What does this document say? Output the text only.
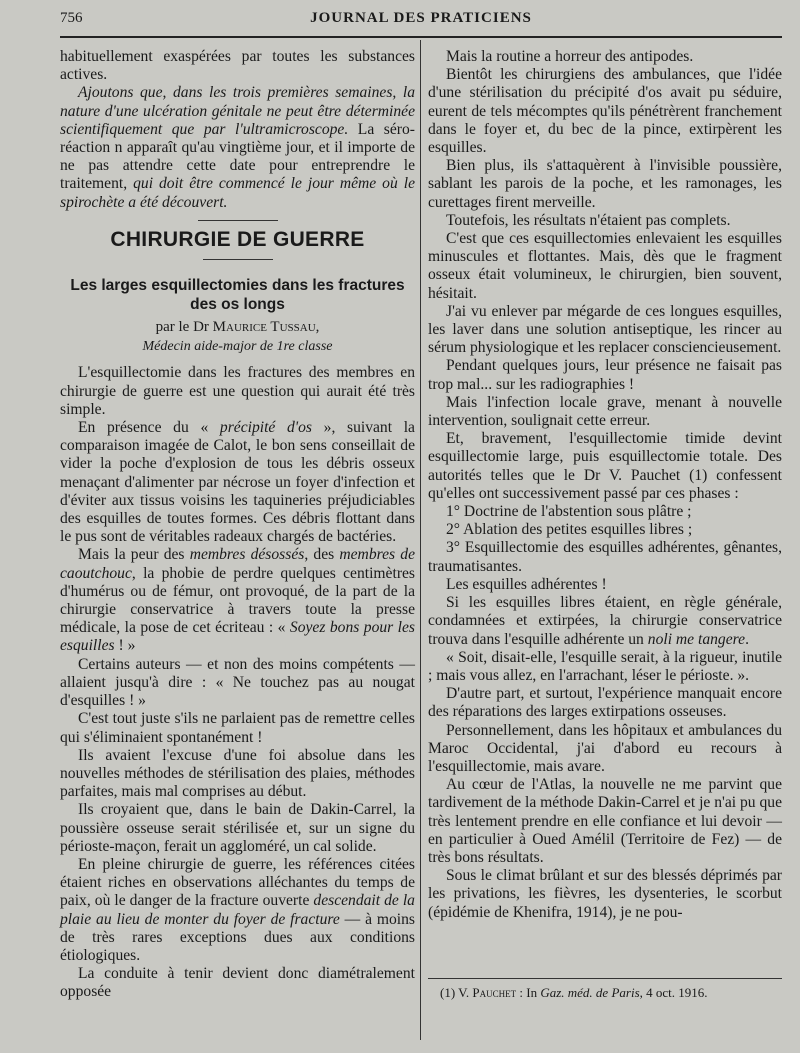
756	JOURNAL DES PRATICIENS

habituellement exaspérées par toutes les substances actives.

Ajoutons que, dans les trois premières semaines, la nature d'une ulcération génitale ne peut être déterminée scientifiquement que par l'ultramicroscope. La séro-réaction n apparaît qu'au vingtième jour, et il importe de ne pas attendre cette date pour entreprendre le traitement, qui doit être commencé le jour même où le spirochète a été découvert.

CHIRURGIE DE GUERRE
Les larges esquillectomies dans les fractures des os longs
par le Dr Maurice Tussau,
Médecin aide-major de 1re classe

L'esquillectomie dans les fractures des membres en chirurgie de guerre est une question qui aurait été très simple.

En présence du « précipité d'os », suivant la comparaison imagée de Calot, le bon sens conseillait de vider la poche d'explosion de tous les débris osseux menaçant d'alimenter par nécrose un foyer d'infection et d'éviter aux tissus voisins les taquineries préjudiciables des esquilles de toutes formes. Ces débris flottant dans le pus sont de véritables radeaux chargés de bactéries.

Mais la peur des membres désossés, des membres de caoutchouc, la phobie de perdre quelques centimètres d'humérus ou de fémur, ont provoqué, de la part de la chirurgie conservatrice à travers toute la presse médicale, la pose de cet écriteau : « Soyez bons pour les esquilles ! »

Certains auteurs — et non des moins compétents — allaient jusqu'à dire : « Ne touchez pas au nougat d'esquilles ! »

C'est tout juste s'ils ne parlaient pas de remettre celles qui s'éliminaient spontanément !

Ils avaient l'excuse d'une foi absolue dans les nouvelles méthodes de stérilisation des plaies, méthodes parfaites, mais mal comprises au début.

Ils croyaient que, dans le bain de Dakin-Carrel, la poussière osseuse serait stérilisée et, sur un signe du périoste-maçon, ferait un aggloméré, un cal solide.

En pleine chirurgie de guerre, les références citées étaient riches en observations alléchantes du temps de paix, où le danger de la fracture ouverte descendait de la plaie au lieu de monter du foyer de fracture — à moins de très rares exceptions dues aux conditions étiologiques.

La conduite à tenir devient donc diamétralement opposée

Mais la routine a horreur des antipodes.

Bientôt les chirurgiens des ambulances, que l'idée d'une stérilisation du précipité d'os avait pu séduire, eurent de tels mécomptes qu'ils pénétrèrent franchement dans le foyer et, du bec de la pince, extirpèrent les esquilles.

Bien plus, ils s'attaquèrent à l'invisible poussière, sablant les parois de la poche, et les ramonages, les curettages firent merveille.

Toutefois, les résultats n'étaient pas complets.

C'est que ces esquillectomies enlevaient les esquilles minuscules et flottantes. Mais, dès que le fragment osseux était volumineux, le chirurgien, bien souvent, hésitait.

J'ai vu enlever par mégarde de ces longues esquilles, les laver dans une solution antiseptique, les rincer au sérum physiologique et les replacer consciencieusement.

Pendant quelques jours, leur présence ne faisait pas trop mal... sur les radiographies !

Mais l'infection locale grave, menant à nouvelle intervention, soulignait cette erreur.

Et, bravement, l'esquillectomie timide devint esquillectomie large, puis esquillectomie totale. Des autorités telles que le Dr V. Pauchet (1) confessent qu'elles ont successivement passé par ces phases :

1° Doctrine de l'abstention sous plâtre ;

2° Ablation des petites esquilles libres ;

3° Esquillectomie des esquilles adhérentes, gênantes, traumatisantes.

Les esquilles adhérentes !

Si les esquilles libres étaient, en règle générale, condamnées et extirpées, la chirurgie conservatrice trouva dans l'esquille adhérente un noli me tangere.

« Soit, disait-elle, l'esquille serait, à la rigueur, inutile ; mais vous allez, en l'arrachant, léser le périoste. ».

D'autre part, et surtout, l'expérience manquait encore des réparations des larges extirpations osseuses.

Personnellement, dans les hôpitaux et ambulances du Maroc Occidental, j'ai d'abord eu recours à l'esquillectomie, mais avare.

Au cœur de l'Atlas, la nouvelle ne me parvint que tardivement de la méthode Dakin-Carrel et je n'ai pu que très lentement prendre en elle confiance et lui devoir — en particulier à Oued Amélil (Territoire de Fez) — de très bons résultats.

Sous le climat brûlant et sur des blessés déprimés par les privations, les fièvres, les dysenteries, le scorbut (épidémie de Khenifra, 1914), je ne pou-

(1) V. Pauchet : In Gaz. méd. de Paris, 4 oct. 1916.
